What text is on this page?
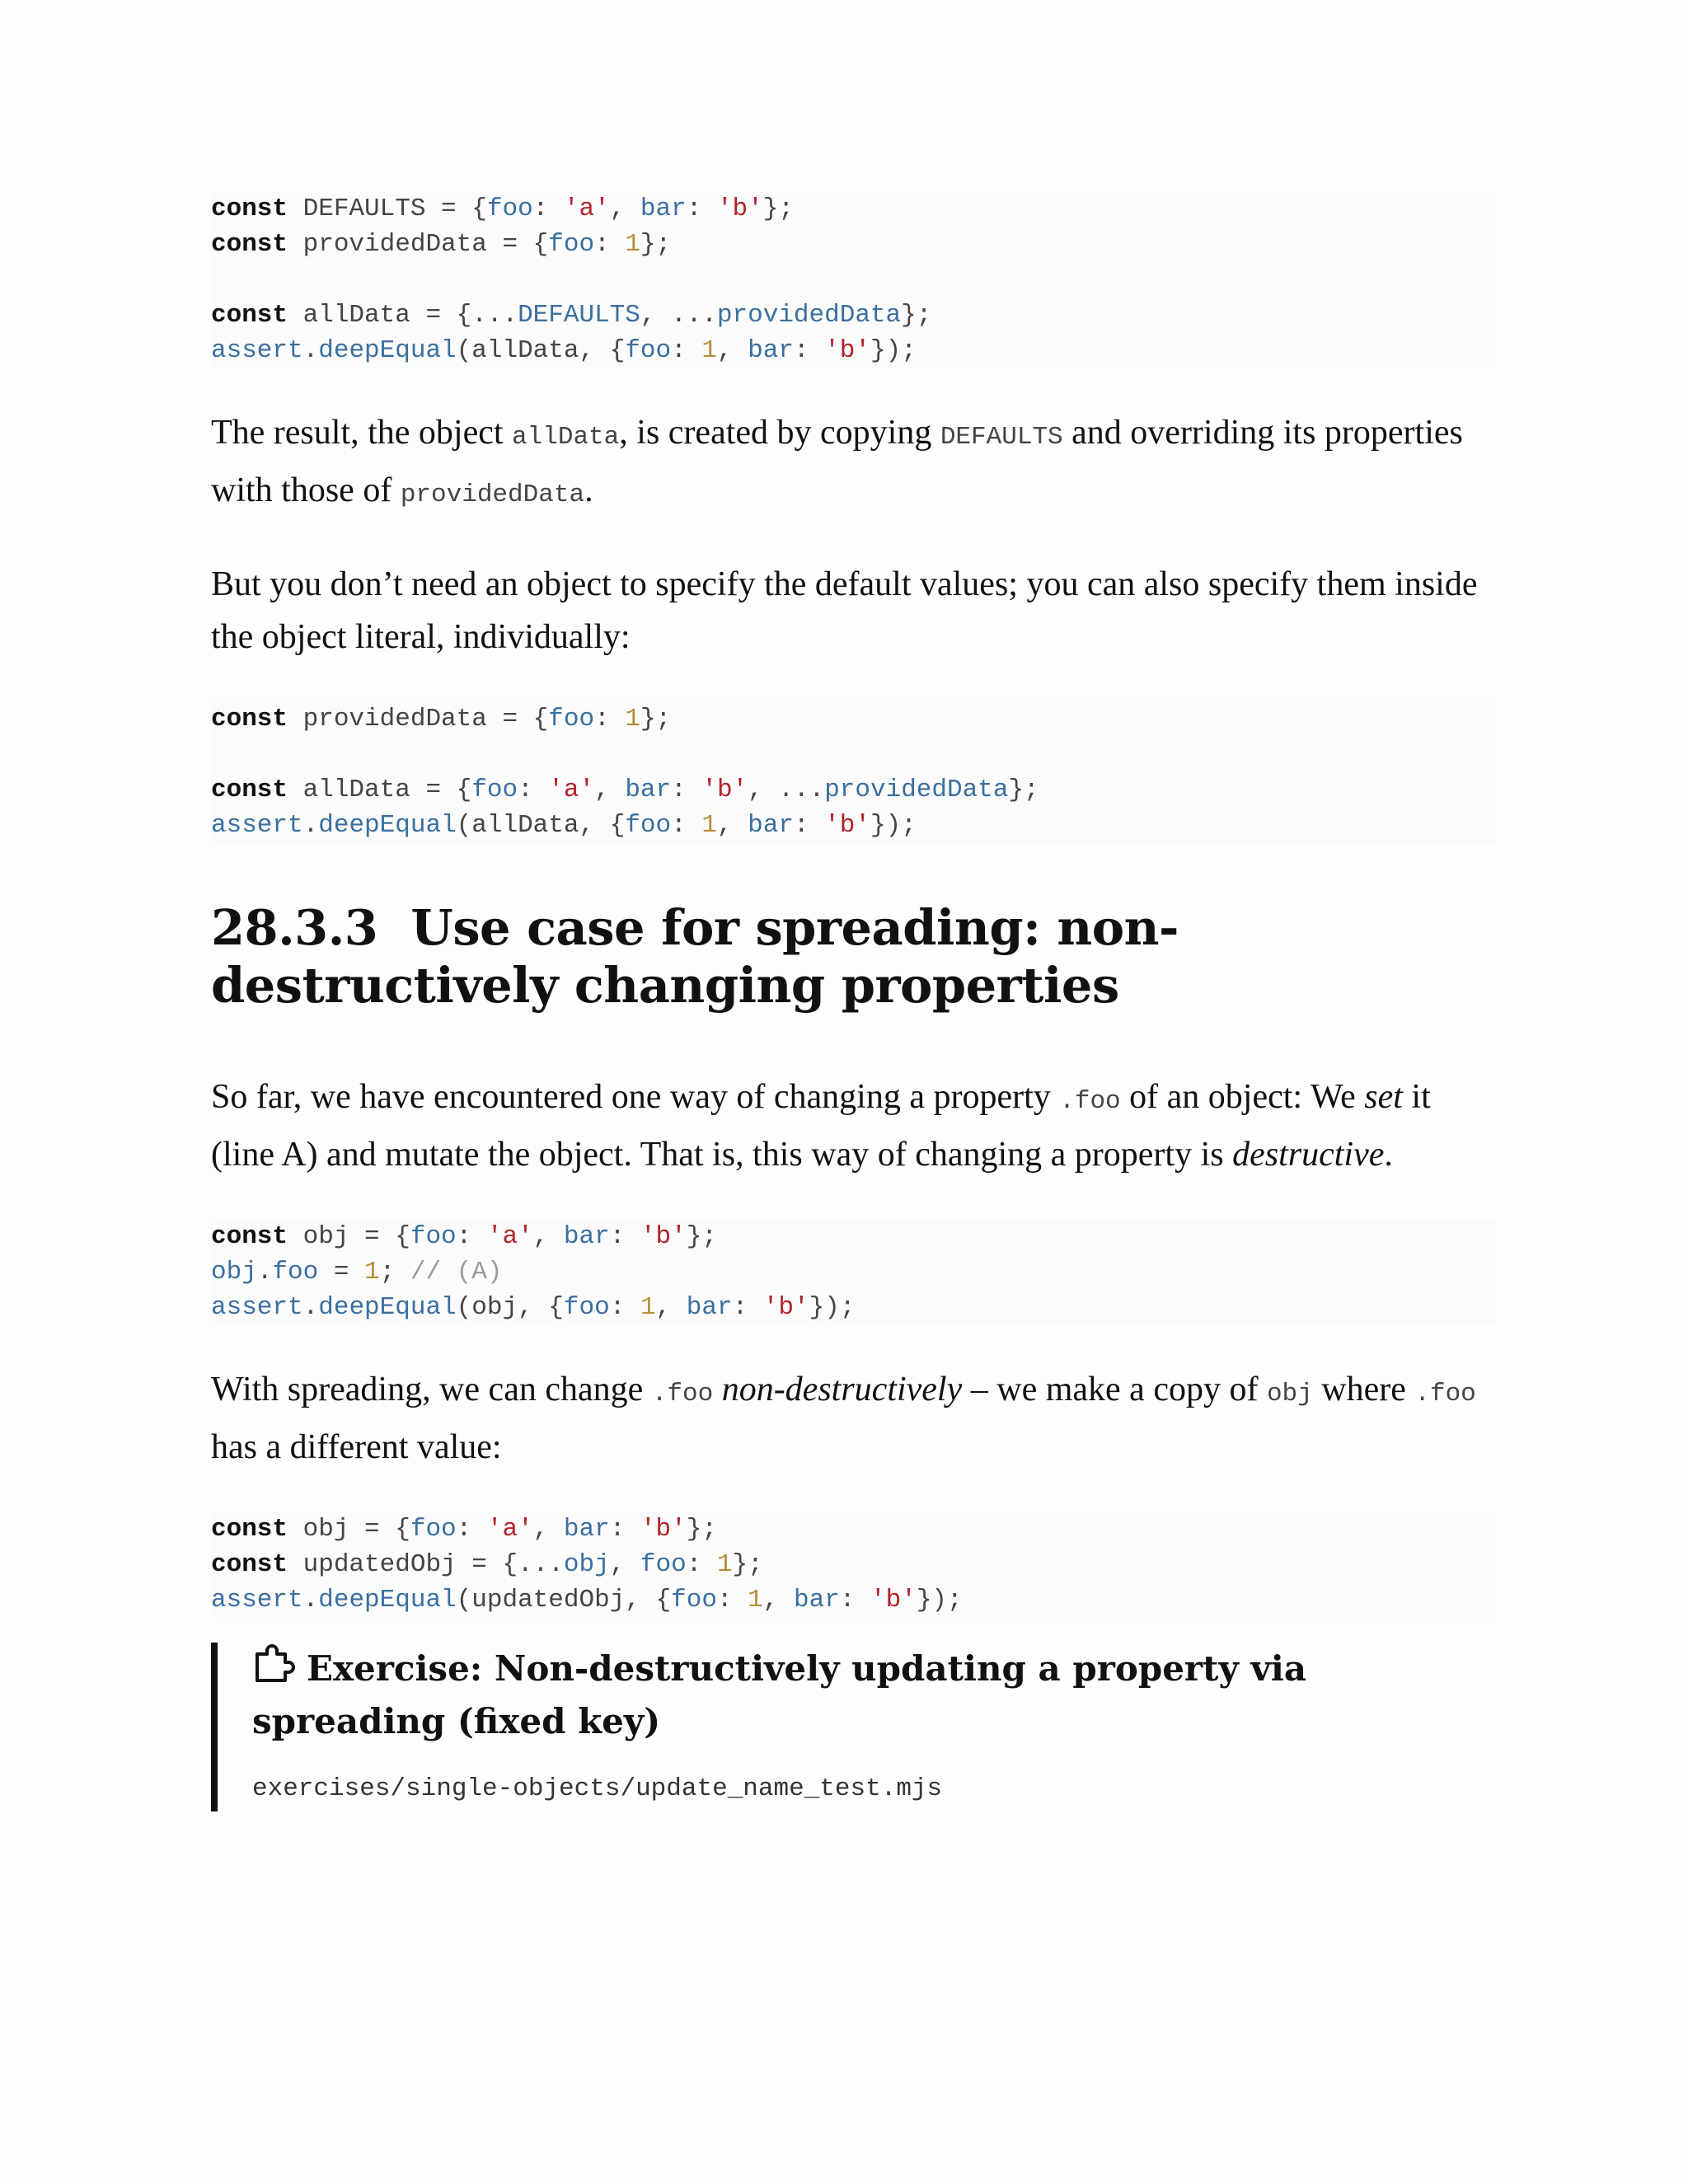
const DEFAULTS = {foo: 'a', bar: 'b'};
const providedData = {foo: 1};

const allData = {...DEFAULTS, ...providedData};
assert.deepEqual(allData, {foo: 1, bar: 'b'});

The result, the object allData, is created by copying DEFAULTS and overriding its properties with those of providedData.

But you don’t need an object to specify the default values; you can also specify them inside the object literal, individually:

const providedData = {foo: 1};

const allData = {foo: 'a', bar: 'b', ...providedData};
assert.deepEqual(allData, {foo: 1, bar: 'b'});
28.3.3 Use case for spreading: non-destructively changing properties

So far, we have encountered one way of changing a property .foo of an object: We set it (line A) and mutate the object. That is, this way of changing a property is destructive.

const obj = {foo: 'a', bar: 'b'};
obj.foo = 1; // (A)
assert.deepEqual(obj, {foo: 1, bar: 'b'});

With spreading, we can change .foo non-destructively – we make a copy of obj where .foo has a different value:

const obj = {foo: 'a', bar: 'b'};
const updatedObj = {...obj, foo: 1};
assert.deepEqual(updatedObj, {foo: 1, bar: 'b'});
Exercise: Non-destructively updating a property via spreading (fixed key)
exercises/single-objects/update_name_test.mjs
